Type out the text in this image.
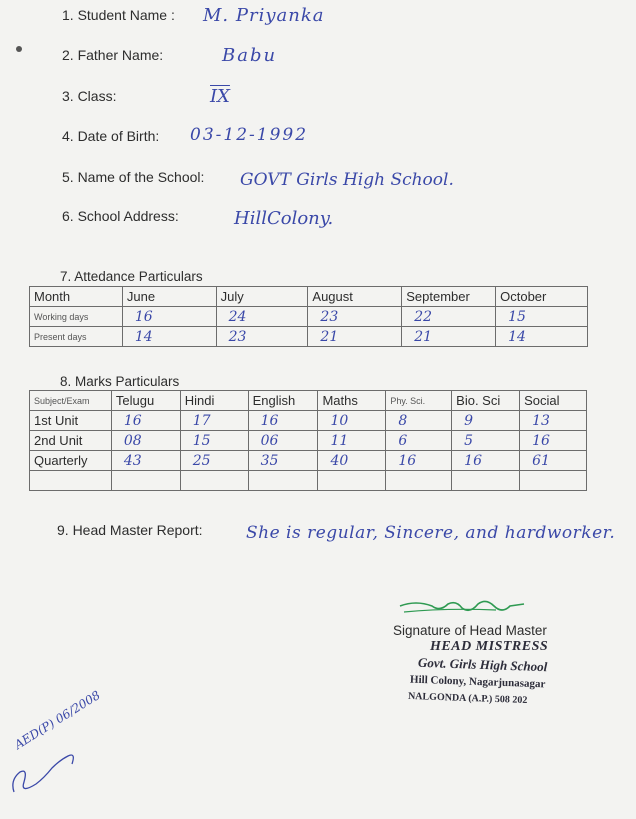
1. Student Name : M. Priyanka
2. Father Name:	Babu
3. Class:	$\overline{IX}$
4. Date of Birth: 03-12-1992
5. Name of the School: GOVT Girls High School.
6. School Address:	HillColony.
7. Attedance Particulars
Month	June	July	August	September	October
Working days	16	24	23	22	15
Present days	14	23	21	21	14
8. Marks Particulars
Subject/Exam	Telugu	Hindi	English	Maths	Phy. Sci.	Bio. Sci	Social
1st Unit	16	17	16	10	8	9	13
2nd Unit	08	15	06	11	6	5	16
Quarterly	43	25	35	40	16	16	61

9. Head Master Report:	She is regular, Sincere, and hardworker.
Signature of Head Master
HEAD MISTRESS
Govt. Girls High School
Hill Colony, Nagarjunasagar
NALGONDA (A.P.) 508 202
AED(P) 06/2008
